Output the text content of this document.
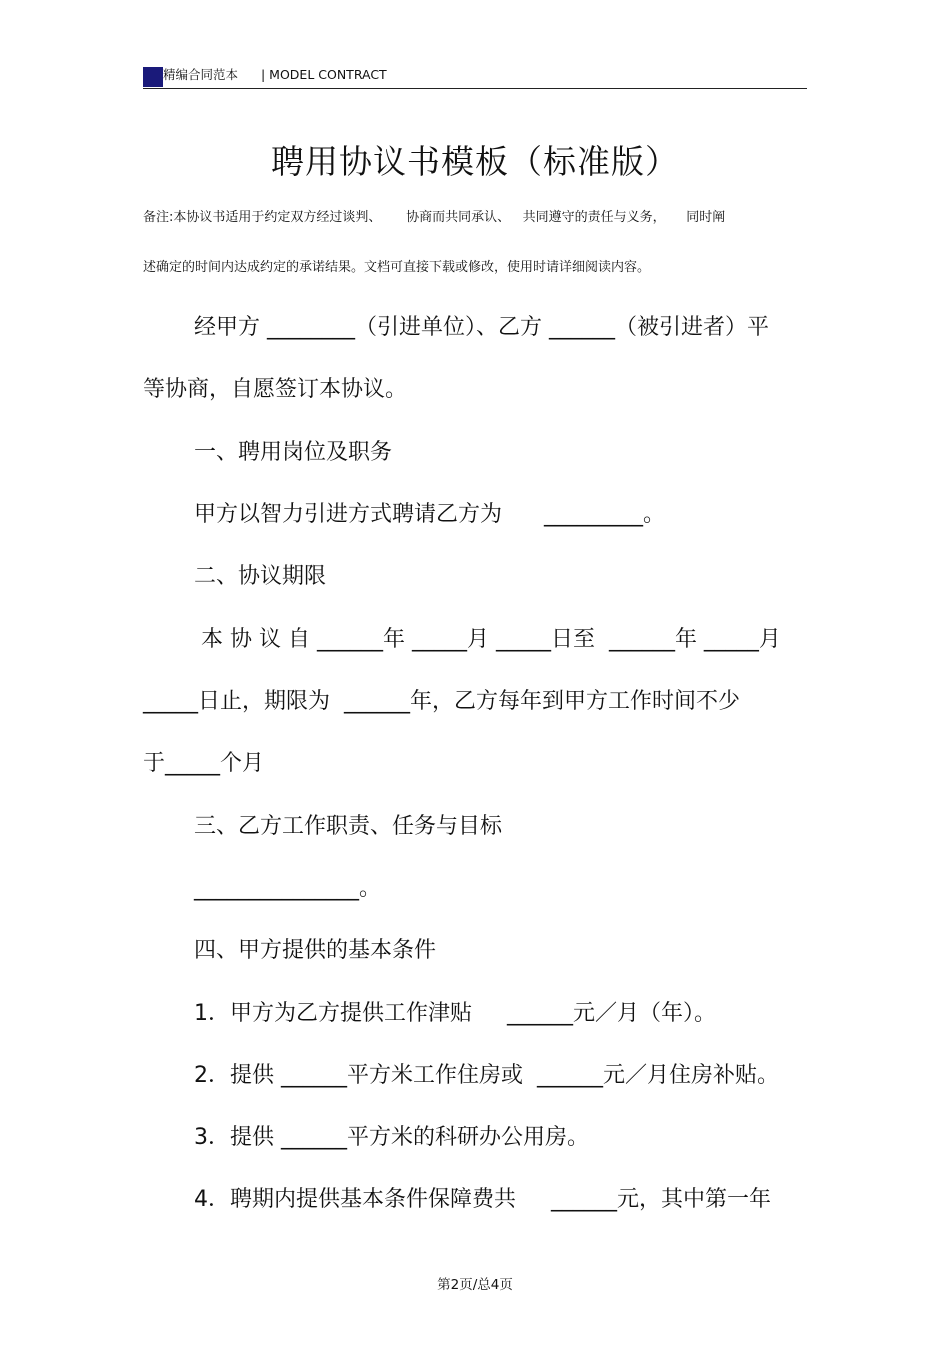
精编合同范本 | MODEL CONTRACT
聘用协议书模板（标准版）
备注:本协议书适用于约定双方经过谈判、      协商而共同承认、   共同遵守的责任与义务，     同时阐
述确定的时间内达成约定的承诺结果。文档可直接下载或修改，使用时请详细阅读内容。
经甲方 ________（引进单位）、乙方 ______（被引进者）平
等协商，自愿签订本协议。
一、聘用岗位及职务
甲方以智力引进方式聘请乙方为      _________。
二、协议期限
本 协 议 自 ______年 _____月 _____日至  ______年 _____月
_____日止，期限为  ______年，乙方每年到甲方工作时间不少
于_____个月
三、乙方工作职责、任务与目标
_______________。
四、甲方提供的基本条件
1．甲方为乙方提供工作津贴     ______元／月（年）。
2．提供 ______平方米工作住房或  ______元／月住房补贴。
3．提供 ______平方米的科研办公用房。
4．聘期内提供基本条件保障费共     ______元，其中第一年
第2页/总4页
